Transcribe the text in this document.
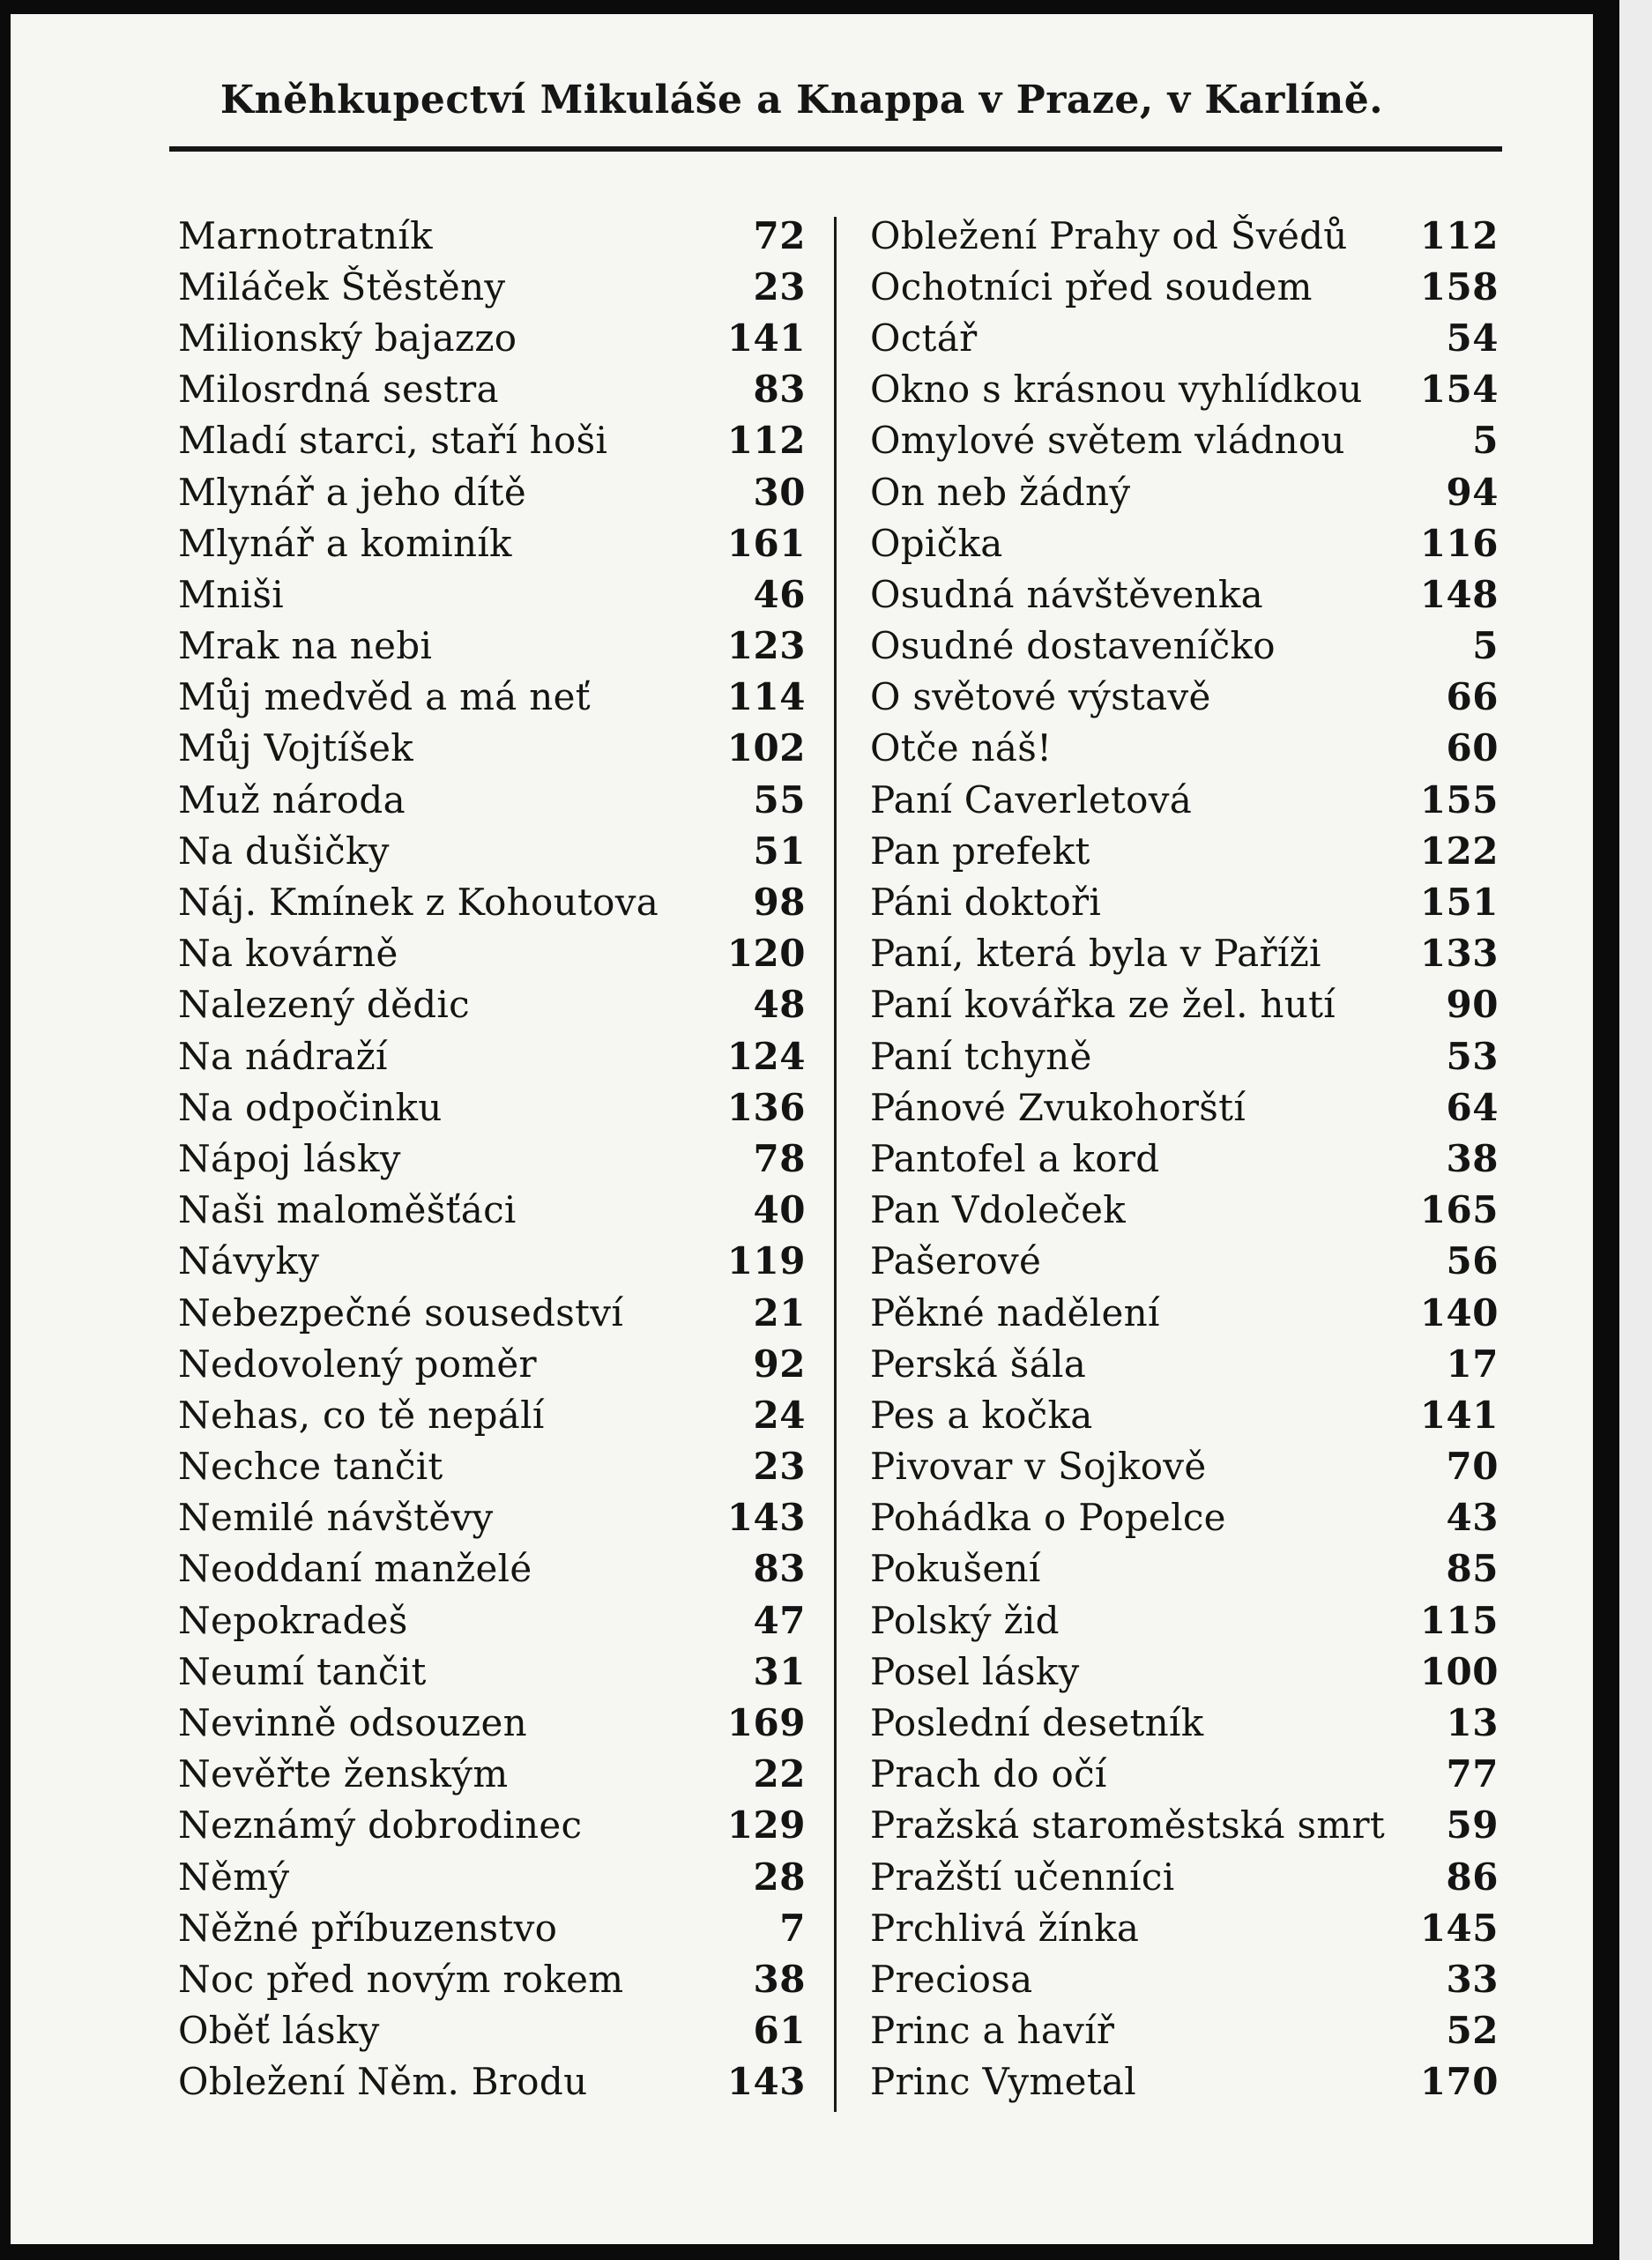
Kněhkupectví Mikuláše a Knappa v Praze, v Karlíně.
Marnotratník	72
Miláček Štěstěny	23
Milionský bajazzo	141
Milosrdná sestra	83
Mladí starci, staří hoši	112
Mlynář a jeho dítě	30
Mlynář a kominík	161
Mniši	46
Mrak na nebi	123
Můj medvěd a má neť	114
Můj Vojtíšek	102
Muž národa	55
Na dušičky	51
Náj. Kmínek z Kohoutova	98
Na kovárně	120
Nalezený dědic	48
Na nádraží	124
Na odpočinku	136
Nápoj lásky	78
Naši maloměšťáci	40
Návyky	119
Nebezpečné sousedství	21
Nedovolený poměr	92
Nehas, co tě nepálí	24
Nechce tančit	23
Nemilé návštěvy	143
Neoddaní manželé	83
Nepokradeš	47
Neumí tančit	31
Nevinně odsouzen	169
Nevěřte ženským	22
Neznámý dobrodinec	129
Němý	28
Něžné příbuzenstvo	7
Noc před novým rokem	38
Oběť lásky	61
Obležení Něm. Brodu	143
Obležení Prahy od Švédů	112
Ochotníci před soudem	158
Octář	54
Okno s krásnou vyhlídkou	154
Omylové světem vládnou	5
On neb žádný	94
Opička	116
Osudná návštěvenka	148
Osudné dostaveníčko	5
O světové výstavě	66
Otče náš!	60
Paní Caverletová	155
Pan prefekt	122
Páni doktoři	151
Paní, která byla v Paříži	133
Paní kovářka ze žel. hutí	90
Paní tchyně	53
Pánové Zvukohorští	64
Pantofel a kord	38
Pan Vdoleček	165
Pašerové	56
Pěkné nadělení	140
Perská šála	17
Pes a kočka	141
Pivovar v Sojkově	70
Pohádka o Popelce	43
Pokušení	85
Polský žid	115
Posel lásky	100
Poslední desetník	13
Prach do očí	77
Pražská staroměstská smrt	59
Pražští učenníci	86
Prchlivá žínka	145
Preciosa	33
Princ a havíř	52
Princ Vymetal	170
